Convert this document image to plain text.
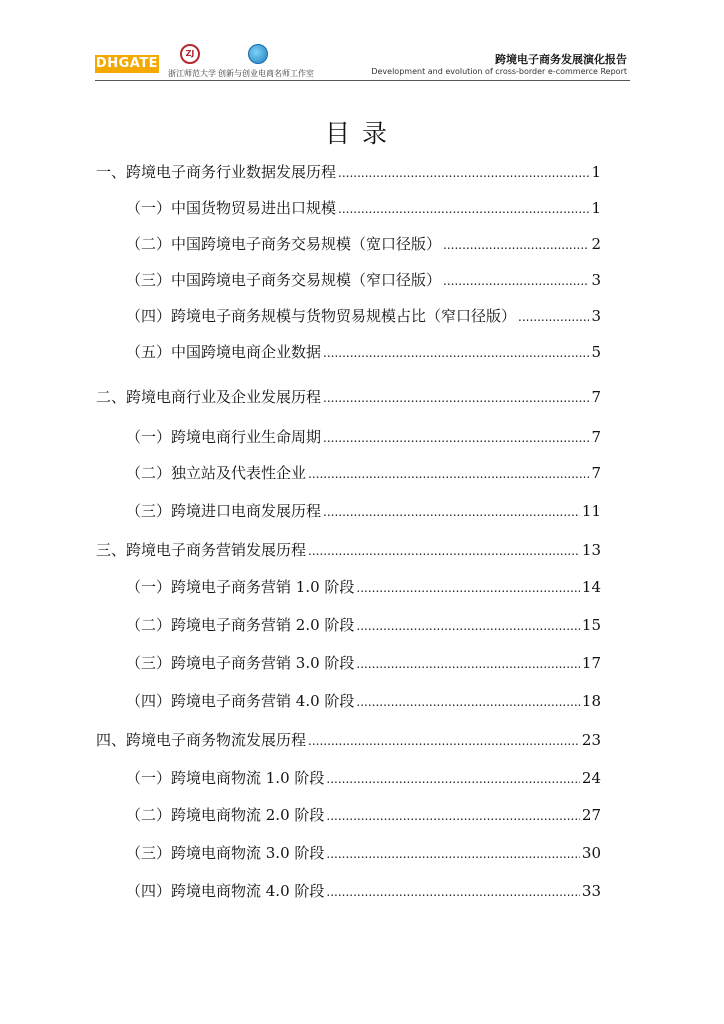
DHGATE
ZJ
浙江师范大学 创新与创业电商名师工作室
跨境电子商务发展演化报告
Development and evolution of cross-border e-commerce Report
目录
一、跨境电子商务行业数据发展历程 .....	1
（一）中国货物贸易进出口规模 .....	1
（二）中国跨境电子商务交易规模（宽口径版） .....	2
（三）中国跨境电子商务交易规模（窄口径版） .....	3
（四）跨境电子商务规模与货物贸易规模占比（窄口径版） .....	3
（五）中国跨境电商企业数据 .....	5
二、跨境电商行业及企业发展历程 .....	7
（一）跨境电商行业生命周期 .....	7
（二）独立站及代表性企业 .....	7
（三）跨境进口电商发展历程 .....	11
三、跨境电子商务营销发展历程 .....	13
（一）跨境电子商务营销 1.0 阶段 .....	14
（二）跨境电子商务营销 2.0 阶段 .....	15
（三）跨境电子商务营销 3.0 阶段 .....	17
（四）跨境电子商务营销 4.0 阶段 .....	18
四、跨境电子商务物流发展历程 .....	23
（一）跨境电商物流 1.0 阶段 .....	24
（二）跨境电商物流 2.0 阶段 .....	27
（三）跨境电商物流 3.0 阶段 .....	30
（四）跨境电商物流 4.0 阶段 .....	33
